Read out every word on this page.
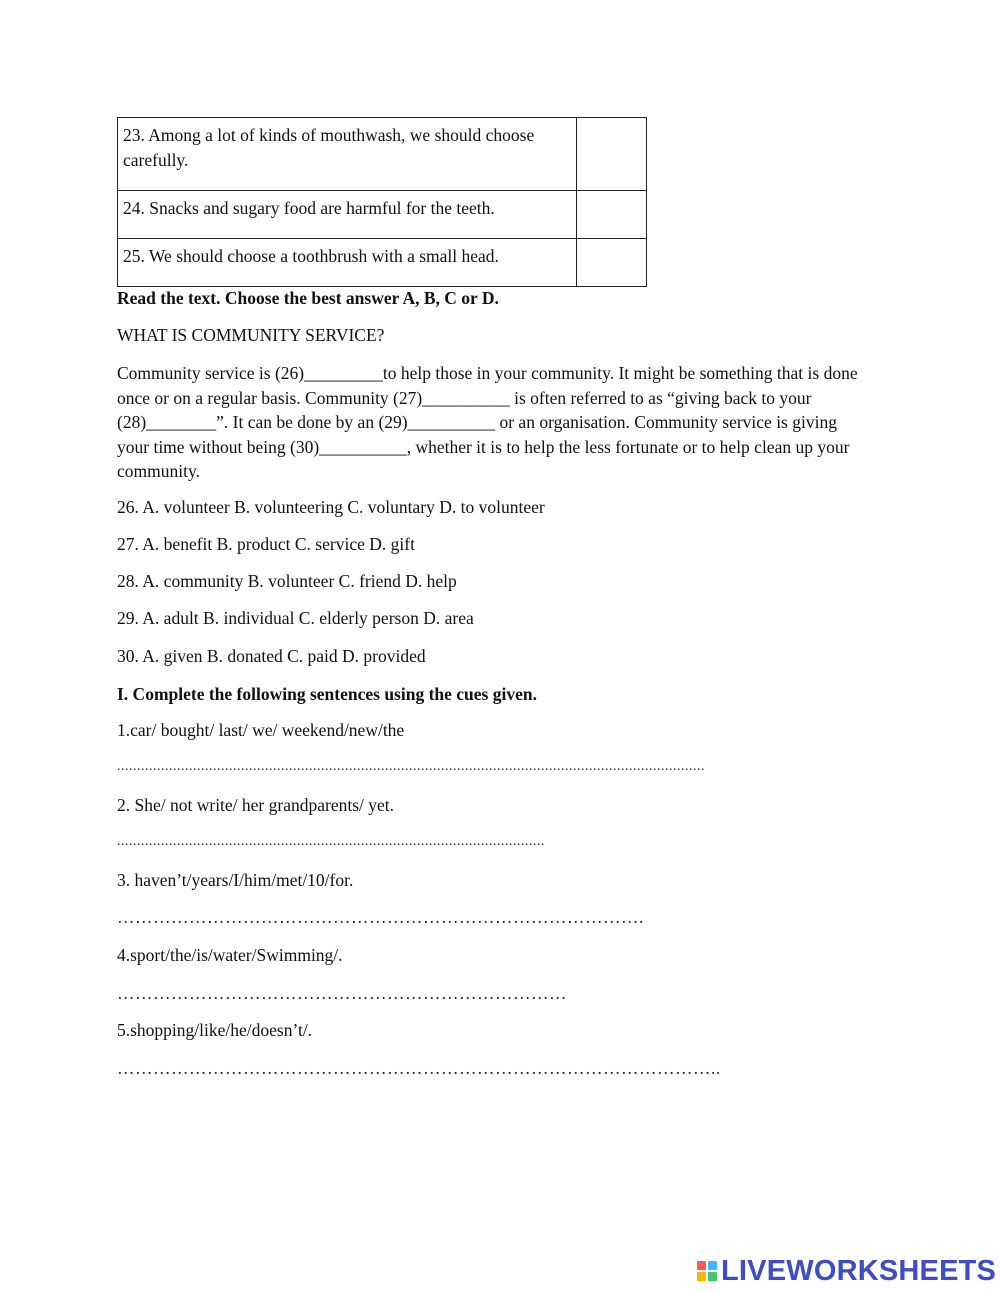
23. Among a lot of kinds of mouthwash, we should choose carefully.	
24. Snacks and sugary food are harmful for the teeth.	
25. We should choose a toothbrush with a small head.	
Read the text. Choose the best answer A, B, C or D.
WHAT IS COMMUNITY SERVICE?
Community service is (26)_________to help those in your community. It might be something that is done once or on a regular basis. Community (27)__________ is often referred to as “giving back to your (28)________”. It can be done by an (29)__________ or an organisation. Community service is giving your time without being (30)__________, whether it is to help the less fortunate or to help clean up your community.
26. A. volunteer B. volunteering C. voluntary D. to volunteer
27. A. benefit B. product C. service D. gift
28. A. community B. volunteer C. friend D. help
29. A. adult B. individual C. elderly person D. area
30. A. given B. donated C. paid D. provided
I. Complete the following sentences using the cues given.
1.car/ bought/ last/ we/ weekend/new/the
...................................................................................................................................................
2. She/ not write/ her grandparents/ yet.
...........................................................................................................
3. haven’t/years/I/him/met/10/for.
…………………………………………………………………………….
4.sport/the/is/water/Swimming/.
…………………………………………………………………
5.shopping/like/he/doesn’t/.
………………………………………………………………………………………..
LIVEWORKSHEETS
